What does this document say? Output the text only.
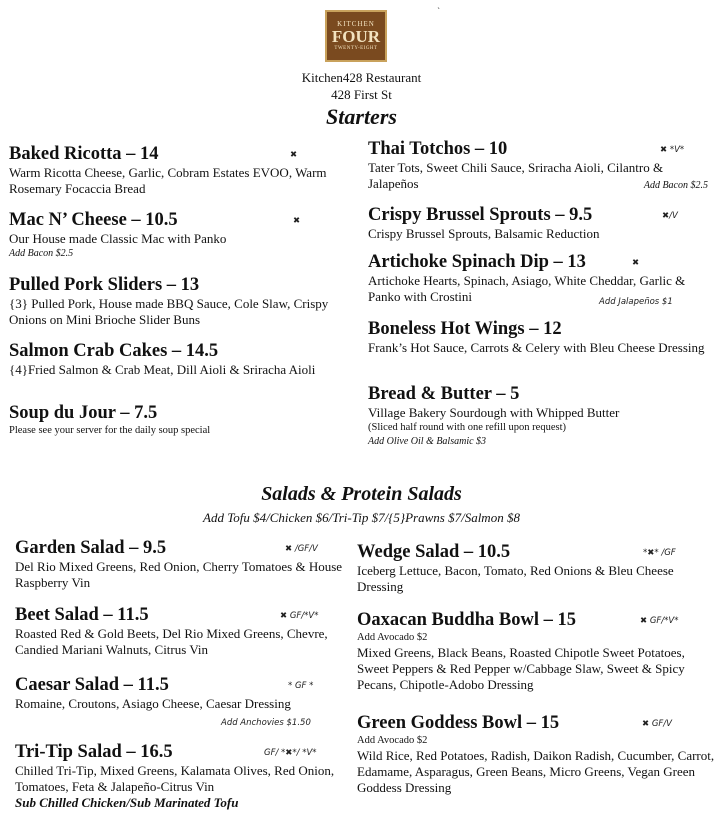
KITCHEN
FOUR
TWENTY-EIGHT
`
Kitchen428 Restaurant
428 First St
Starters
Baked Ricotta – 14
Warm Ricotta Cheese, Garlic, Cobram Estates EVOO, Warm Rosemary Focaccia Bread
✖
Mac N’ Cheese – 10.5
Our House made Classic Mac with Panko
Add Bacon $2.5
✖
Pulled Pork Sliders – 13
{3} Pulled Pork, House made BBQ Sauce, Cole Slaw, Crispy Onions on Mini Brioche Slider Buns
Salmon Crab Cakes – 14.5
{4}Fried Salmon & Crab Meat, Dill Aioli & Sriracha Aioli
Soup du Jour – 7.5
Please see your server for the daily soup special
Thai Totchos – 10
Tater Tots, Sweet Chili Sauce, Sriracha Aioli, Cilantro & Jalapeños	Add Bacon $2.5
✖ *V*
Crispy Brussel Sprouts – 9.5
Crispy Brussel Sprouts, Balsamic Reduction
✖/V
Artichoke Spinach Dip – 13
Artichoke Hearts, Spinach, Asiago, White Cheddar, Garlic & Panko with Crostini	Add Jalapeños $1
✖
Boneless Hot Wings – 12
Frank’s Hot Sauce, Carrots & Celery with Bleu Cheese Dressing
Bread & Butter – 5
Village Bakery Sourdough with Whipped Butter
(Sliced half round with one refill upon request)
Add Olive Oil & Balsamic $3
Salads & Protein Salads
Add Tofu $4/Chicken $6/Tri-Tip $7/{5}Prawns $7/Salmon $8
Garden Salad – 9.5
Del Rio Mixed Greens, Red Onion, Cherry Tomatoes & House Raspberry Vin
✖ /GF/V
Beet Salad – 11.5
Roasted Red & Gold Beets, Del Rio Mixed Greens, Chevre, Candied Mariani Walnuts, Citrus Vin
✖ GF/*V*
Caesar Salad – 11.5
Romaine, Croutons, Asiago Cheese, Caesar Dressing
Add Anchovies $1.50
* GF *
Tri-Tip Salad – 16.5
Chilled Tri-Tip, Mixed Greens, Kalamata Olives, Red Onion, Tomatoes, Feta & Jalapeño-Citrus Vin
Sub Chilled Chicken/Sub Marinated Tofu
GF/ *✖*/ *V*
Wedge Salad – 10.5
Iceberg Lettuce, Bacon, Tomato, Red Onions & Bleu Cheese Dressing
*✖* /GF
Oaxacan Buddha Bowl – 15
Add Avocado $2
Mixed Greens, Black Beans, Roasted Chipotle Sweet Potatoes, Sweet Peppers & Red Pepper w/Cabbage Slaw, Sweet & Spicy Pecans, Chipotle-Adobo Dressing
✖ GF/*V*
Green Goddess Bowl – 15
Add Avocado $2
Wild Rice, Red Potatoes, Radish, Daikon Radish, Cucumber, Carrot, Edamame, Asparagus, Green Beans, Micro Greens, Vegan Green Goddess Dressing
✖ GF/V
